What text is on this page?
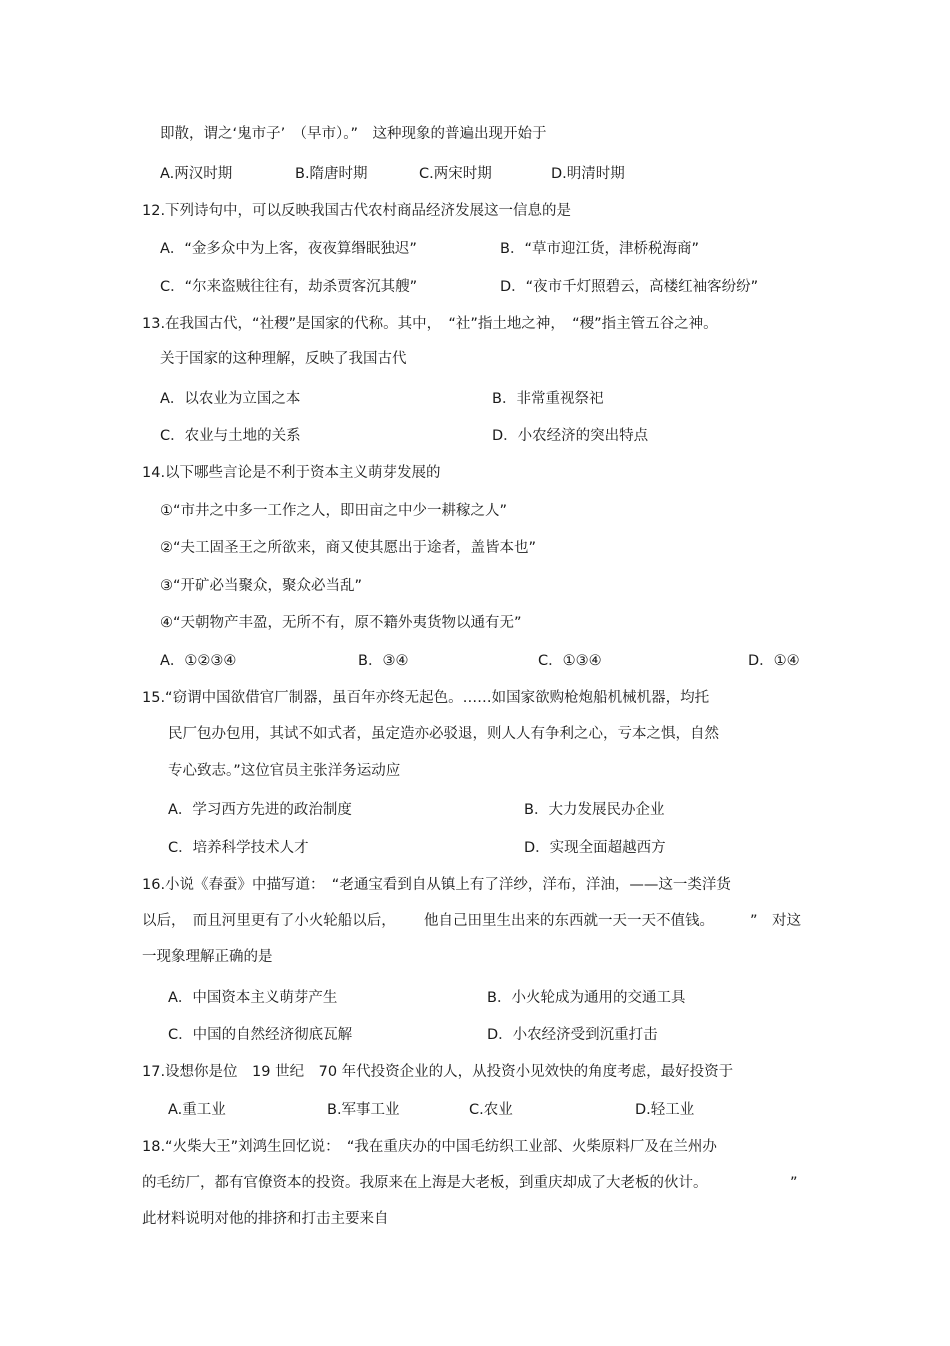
即散，谓之‘鬼市子’　（早市）。”　这种现象的普遍出现开始于
A.两汉时期	B.隋唐时期	C.两宋时期	D.明清时期
12.下列诗句中，可以反映我国古代农村商品经济发展这一信息的是
A．“金多众中为上客，夜夜算缗眠独迟”	B．“草市迎江货，津桥税海商”
C．“尔来盗贼往往有，劫杀贾客沉其艘”	D．“夜市千灯照碧云，高楼红袖客纷纷”
13.在我国古代，“社稷”是国家的代称。其中，　“社”指土地之神，　“稷”指主管五谷之神。
关于国家的这种理解，反映了我国古代
A．以农业为立国之本	B．非常重视祭祀
C．农业与土地的关系	D．小农经济的突出特点
14.以下哪些言论是不利于资本主义萌芽发展的
①“市井之中多一工作之人，即田亩之中少一耕稼之人”
②“夫工固圣王之所欲来，商又使其愿出于途者，盖皆本也”
③“开矿必当聚众，聚众必当乱”
④“天朝物产丰盈，无所不有，原不籍外夷货物以通有无”
A．①②③④	B．③④	C．①③④	D．①④
15.“窃谓中国欲借官厂制器，虽百年亦终无起色。……如国家欲购枪炮船机械机器，均托
民厂包办包用，其试不如式者，虽定造亦必驳退，则人人有争利之心，亏本之惧，自然
专心致志。”这位官员主张洋务运动应
A．学习西方先进的政治制度	B．大力发展民办企业
C．培养科学技术人才	D．实现全面超越西方
16.小说《春蚕》中描写道：　“老通宝看到自从镇上有了洋纱，洋布，洋油，——这一类洋货
以后，　而且河里更有了小火轮船以后， 他自己田里生出来的东西就一天一天不值钱。 ”　对这
一现象理解正确的是
A．中国资本主义萌芽产生	B．小火轮成为通用的交通工具
C．中国的自然经济彻底瓦解	D．小农经济受到沉重打击
17.设想你是位　19 世纪　70 年代投资企业的人，从投资小见效快的角度考虑，最好投资于
A.重工业	B.军事工业	C.农业	D.轻工业
18.“火柴大王”刘鸿生回忆说：　“我在重庆办的中国毛纺织工业部、火柴原料厂及在兰州办
的毛纺厂，都有官僚资本的投资。我原来在上海是大老板，到重庆却成了大老板的伙计。	”
此材料说明对他的排挤和打击主要来自
